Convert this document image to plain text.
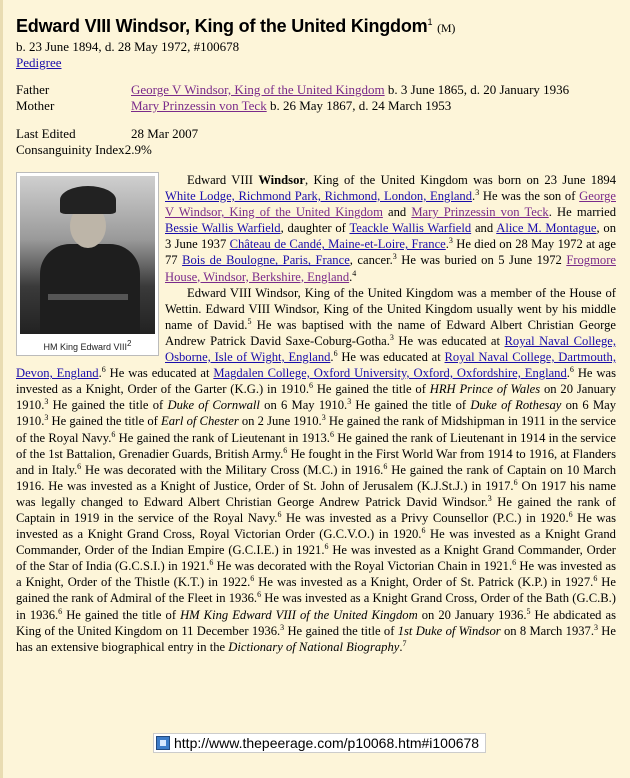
Edward VIII Windsor, King of the United Kingdom$^1$ (M)
b. 23 June 1894, d. 28 May 1972, #100678
Pedigree
Father	George V Windsor, King of the United Kingdom b. 3 June 1865, d. 20 January 1936
Mother	Mary Prinzessin von Teck b. 26 May 1867, d. 24 March 1953
Last Edited	28 Mar 2007
Consanguinity Index 2.9%
HM King Edward VIII$^2$

Edward VIII Windsor, King of the United Kingdom was born on 23 June 1894 White Lodge, Richmond Park, Richmond, London, England.$^3$ He was the son of George V Windsor, King of the United Kingdom and Mary Prinzessin von Teck. He married Bessie Wallis Warfield, daughter of Teackle Wallis Warfield and Alice M. Montague, on 3 June 1937 Château de Candé, Maine-et-Loire, France.$^3$ He died on 28 May 1972 at age 77 Bois de Boulogne, Paris, France, cancer.$^3$ He was buried on 5 June 1972 Frogmore House, Windsor, Berkshire, England.$^4$

Edward VIII Windsor, King of the United Kingdom was a member of the House of Wettin. Edward VIII Windsor, King of the United Kingdom usually went by his middle name of David.$^5$ He was baptised with the name of Edward Albert Christian George Andrew Patrick David Saxe-Coburg-Gotha.$^3$ He was educated at Royal Naval College, Osborne, Isle of Wight, England.$^6$ He was educated at Royal Naval College, Dartmouth, Devon, England.$^6$ He was educated at Magdalen College, Oxford University, Oxford, Oxfordshire, England.$^6$ He was invested as a Knight, Order of the Garter (K.G.) in 1910.$^6$ He gained the title of HRH Prince of Wales on 20 January 1910.$^3$ He gained the title of Duke of Cornwall on 6 May 1910.$^3$ He gained the title of Duke of Rothesay on 6 May 1910.$^3$ He gained the title of Earl of Chester on 2 June 1910.$^3$ He gained the rank of Midshipman in 1911 in the service of the Royal Navy.$^6$ He gained the rank of Lieutenant in 1913.$^6$ He gained the rank of Lieutenant in 1914 in the service of the 1st Battalion, Grenadier Guards, British Army.$^6$ He fought in the First World War from 1914 to 1916, at Flanders and in Italy.$^6$ He was decorated with the Military Cross (M.C.) in 1916.$^6$ He gained the rank of Captain on 10 March 1916. He was invested as a Knight of Justice, Order of St. John of Jerusalem (K.J.St.J.) in 1917.$^6$ On 1917 his name was legally changed to Edward Albert Christian George Andrew Patrick David Windsor.$^3$ He gained the rank of Captain in 1919 in the service of the Royal Navy.$^6$ He was invested as a Privy Counsellor (P.C.) in 1920.$^6$ He was invested as a Knight Grand Cross, Royal Victorian Order (G.C.V.O.) in 1920.$^6$ He was invested as a Knight Grand Commander, Order of the Indian Empire (G.C.I.E.) in 1921.$^6$ He was invested as a Knight Grand Commander, Order of the Star of India (G.C.S.I.) in 1921.$^6$ He was decorated with the Royal Victorian Chain in 1921.$^6$ He was invested as a Knight, Order of the Thistle (K.T.) in 1922.$^6$ He was invested as a Knight, Order of St. Patrick (K.P.) in 1927.$^6$ He gained the rank of Admiral of the Fleet in 1936.$^6$ He was invested as a Knight Grand Cross, Order of the Bath (G.C.B.) in 1936.$^6$ He gained the title of HM King Edward VIII of the United Kingdom on 20 January 1936.$^5$ He abdicated as King of the United Kingdom on 11 December 1936.$^3$ He gained the title of 1st Duke of Windsor on 8 March 1937.$^3$ He has an extensive biographical entry in the Dictionary of National Biography.$^7$

http://www.thepeerage.com/p10068.htm#i100678
